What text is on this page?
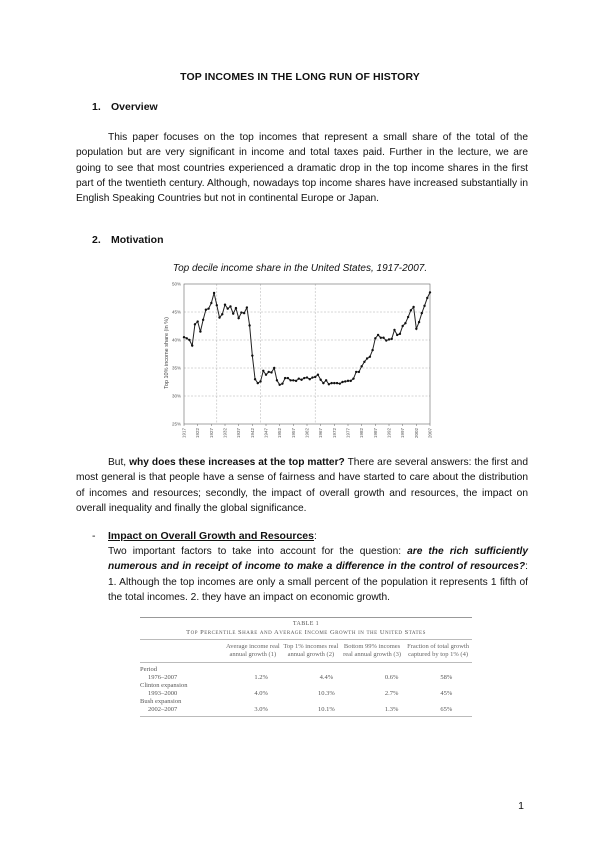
TOP INCOMES IN THE LONG RUN OF HISTORY
1. Overview
This paper focuses on the top incomes that represent a small share of the total of the population but are very significant in income and total taxes paid. Further in the lecture, we are going to see that most countries experienced a dramatic drop in the top income shares in the first part of the twentieth century. Although, nowadays top income shares have increased substantially in English Speaking Countries but not in continental Europe or Japan.
2. Motivation
Top decile income share in the United States, 1917-2007.
25%
30%
35%
40%
45%
50%
1917 1922 1927 1932 1937 1942 1947 1952 1957 1962 1967 1972 1977 1982 1987 1992 1997 2002 2007
Top 10% income share (in %)
But, why does these increases at the top matter? There are several answers: the first and most general is that people have a sense of fairness and have started to care about the distribution of incomes and resources; secondly, the impact of overall growth and resources, the impact on overall inequality and finally the global significance.
- Impact on Overall Growth and Resources:
Two important factors to take into account for the question: are the rich sufficiently numerous and in receipt of income to make a difference in the control of resources?: 1. Although the top incomes are only a small percent of the population it represents 1 fifth of the total incomes. 2. they have an impact on economic growth.
TABLE 1
Top Percentile Share and Average Income Growth in the United States
	Average income real annual growth (1)	Top 1% incomes real annual growth (2)	Bottom 99% incomes real annual growth (3)	Fraction of total growth captured by top 1% (4)
Period				
1976–2007	1.2%	4.4%	0.6%	58%
Clinton expansion				
1993–2000	4.0%	10.3%	2.7%	45%
Bush expansion				
2002–2007	3.0%	10.1%	1.3%	65%
1
